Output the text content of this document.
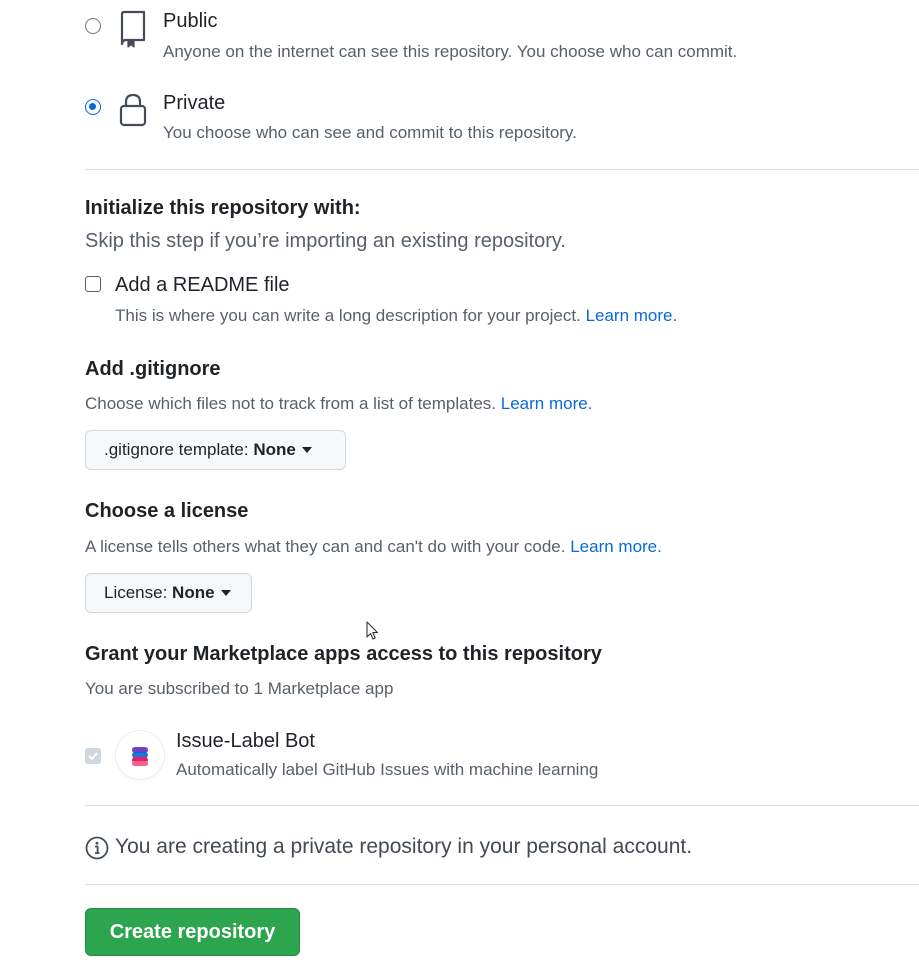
Public
Anyone on the internet can see this repository. You choose who can commit.
Private
You choose who can see and commit to this repository.
Initialize this repository with:
Skip this step if you’re importing an existing repository.
Add a README file
This is where you can write a long description for your project. Learn more.
Add .gitignore
Choose which files not to track from a list of templates. Learn more.
.gitignore template: None
Choose a license
A license tells others what they can and can't do with your code. Learn more.
License: None
Grant your Marketplace apps access to this repository
You are subscribed to 1 Marketplace app
Issue-Label Bot
Automatically label GitHub Issues with machine learning
You are creating a private repository in your personal account.
Create repository
